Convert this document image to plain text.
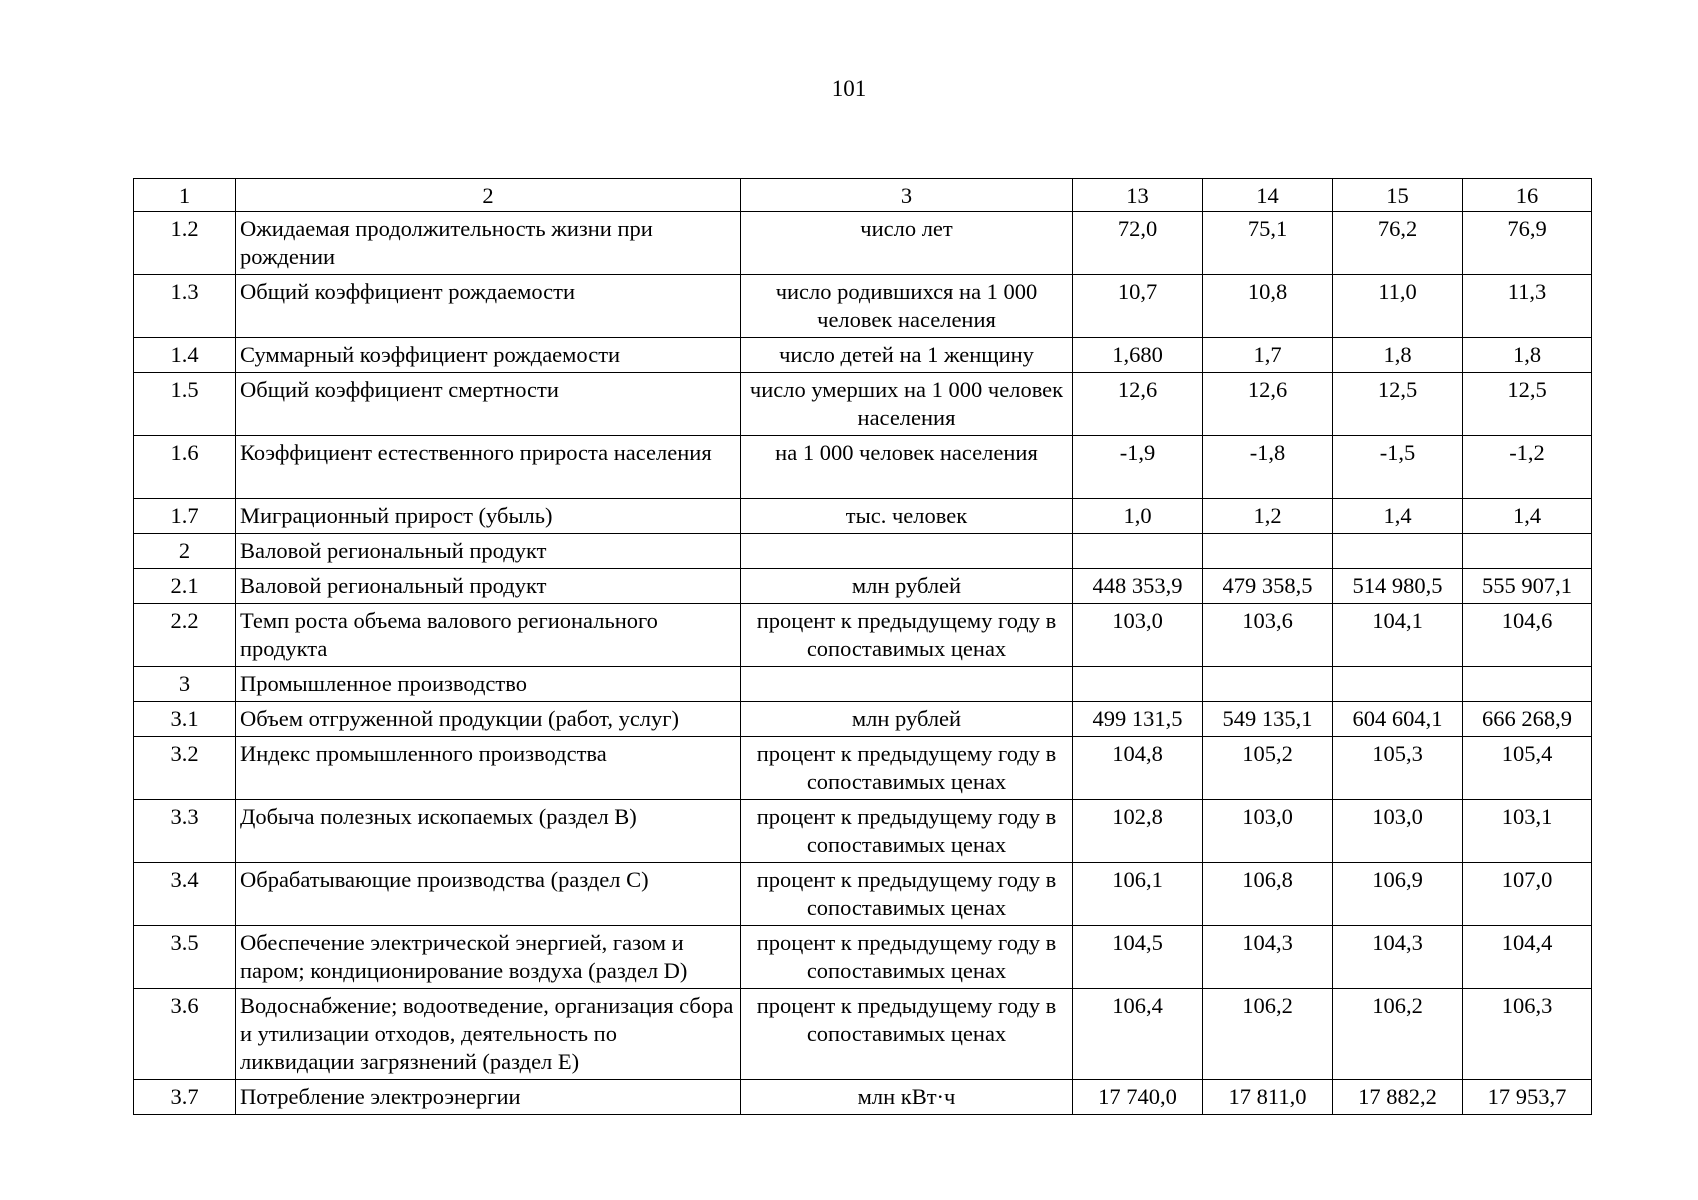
101
1	2	3	13	14	15	16
1.2	Ожидаемая продолжительность жизни при рождении	число лет	72,0	75,1	76,2	76,9
1.3	Общий коэффициент рождаемости	число родившихся на 1 000 человек населения	10,7	10,8	11,0	11,3
1.4	Суммарный коэффициент рождаемости	число детей на 1 женщину	1,680	1,7	1,8	1,8
1.5	Общий коэффициент смертности	число умерших на 1 000 человек населения	12,6	12,6	12,5	12,5
1.6	Коэффициент естественного прироста населения	на 1 000 человек населения	-1,9	-1,8	-1,5	-1,2
1.7	Миграционный прирост (убыль)	тыс. человек	1,0	1,2	1,4	1,4
2	Валовой региональный продукт					
2.1	Валовой региональный продукт	млн рублей	448 353,9	479 358,5	514 980,5	555 907,1
2.2	Темп роста объема валового регионального продукта	процент к предыдущему году в сопоставимых ценах	103,0	103,6	104,1	104,6
3	Промышленное производство					
3.1	Объем отгруженной продукции (работ, услуг)	млн рублей	499 131,5	549 135,1	604 604,1	666 268,9
3.2	Индекс промышленного производства	процент к предыдущему году в сопоставимых ценах	104,8	105,2	105,3	105,4
3.3	Добыча полезных ископаемых (раздел B)	процент к предыдущему году в сопоставимых ценах	102,8	103,0	103,0	103,1
3.4	Обрабатывающие производства (раздел C)	процент к предыдущему году в сопоставимых ценах	106,1	106,8	106,9	107,0
3.5	Обеспечение электрической энергией, газом и паром; кондиционирование воздуха (раздел D)	процент к предыдущему году в сопоставимых ценах	104,5	104,3	104,3	104,4
3.6	Водоснабжение; водоотведение, организация сбора и утилизации отходов, деятельность по ликвидации загрязнений (раздел E)	процент к предыдущему году в сопоставимых ценах	106,4	106,2	106,2	106,3
3.7	Потребление электроэнергии	млн кВт·ч	17 740,0	17 811,0	17 882,2	17 953,7
